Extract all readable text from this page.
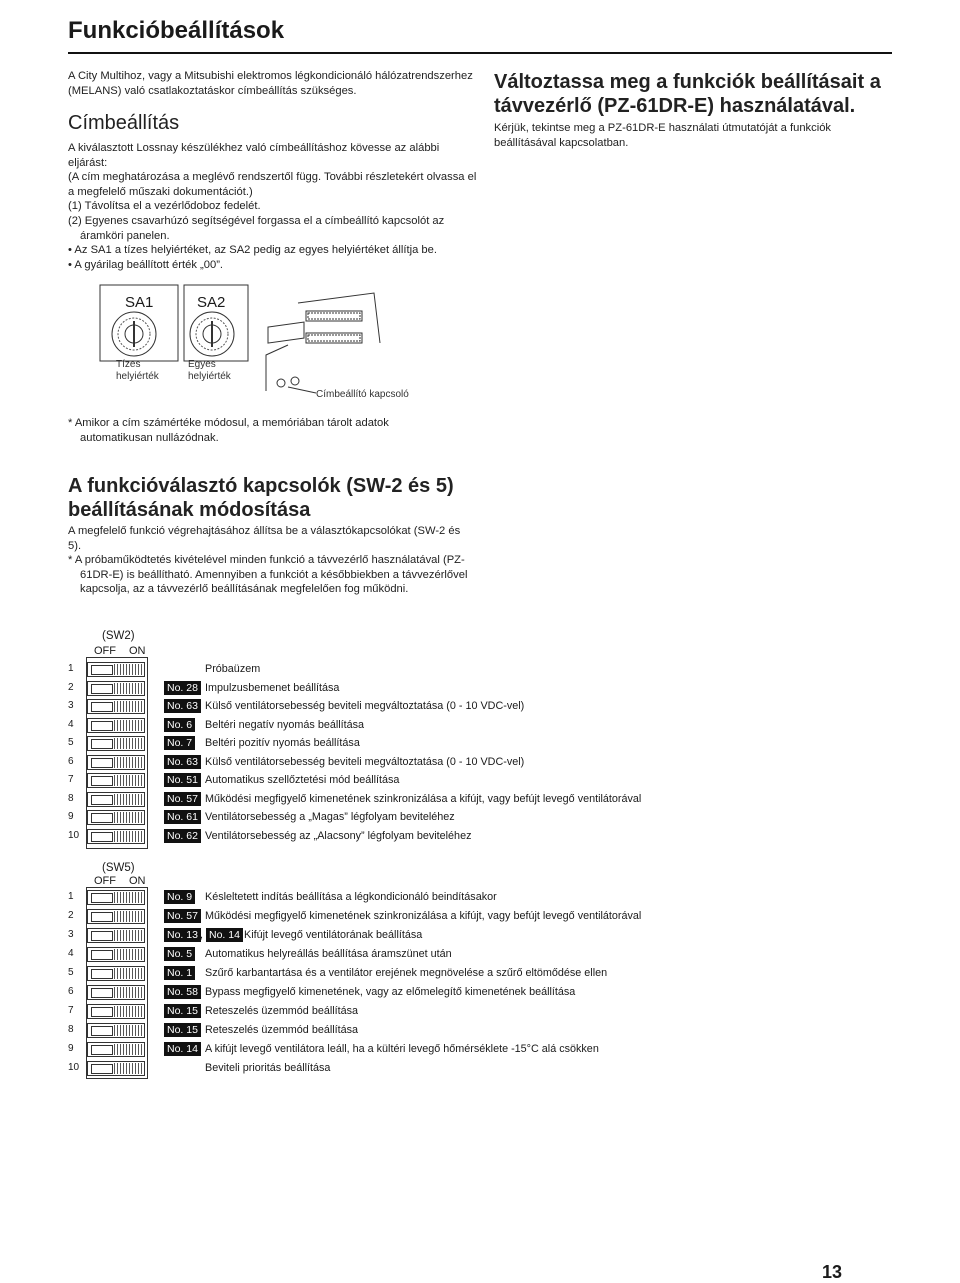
Funkcióbeállítások
A City Multihoz, vagy a Mitsubishi elektromos légkondicionáló hálózatrendszerhez (MELANS) való csatlakoztatáskor címbeállítás szükséges.
Címbeállítás
A kiválasztott Lossnay készülékhez való címbeállításhoz kövesse az alábbi eljárást:
(A cím meghatározása a meglévő rendszertől függ. További részletekért olvassa el a megfelelő műszaki dokumentációt.)
(1) Távolítsa el a vezérlődoboz fedelét.
(2) Egyenes csavarhúzó segítségével forgassa el a címbeállító kapcsolót az áramköri panelen.
• Az SA1 a tízes helyiértéket, az SA2 pedig az egyes helyiértéket állítja be.
• A gyárilag beállított érték „00”.
Változtassa meg a funkciók beállításait a távvezérlő (PZ-61DR-E) használatával.
Kérjük, tekintse meg a PZ-61DR-E használati útmutatóját a funkciók beállításával kapcsolatban.
SA1	SA2
Tízes helyiérték
Egyes helyiérték
Címbeállító kapcsoló
* Amikor a cím számértéke módosul, a memóriában tárolt adatok automatikusan nullázódnak.
A funkcióválasztó kapcsolók (SW-2 és 5) beállításának módosítása
A megfelelő funkció végrehajtásához állítsa be a választókapcsolókat (SW-2 és 5).
* A próbaműködtetés kivételével minden funkció a távvezérlő használatával (PZ-61DR-E) is beállítható. Amennyiben a funkciót a későbbiekben a távvezérlővel kapcsolja, az a távvezérlő beállításának megfelelően fog működni.
(SW2)
OFF ON
1	Próbaüzem
2	No. 28 Impulzusbemenet beállítása
3	No. 63 Külső ventilátorsebesség beviteli megváltoztatása (0 - 10 VDC-vel)
4	No. 6 Beltéri negatív nyomás beállítása
5	No. 7 Beltéri pozitív nyomás beállítása
6	No. 63 Külső ventilátorsebesség beviteli megváltoztatása (0 - 10 VDC-vel)
7	No. 51 Automatikus szellőztetési mód beállítása
8	No. 57 Működési megfigyelő kimenetének szinkronizálása a kifújt, vagy befújt levegő ventilátorával
9	No. 61 Ventilátorsebesség a „Magas” légfolyam beviteléhez
10	No. 62 Ventilátorsebesség az „Alacsony” légfolyam beviteléhez
(SW5)
OFF ON
1	No. 9 Késleltetett indítás beállítása a légkondicionáló beindításakor
2	No. 57 Működési megfigyelő kimenetének szinkronizálása a kifújt, vagy befújt levegő ventilátorával
3	No. 13 , No. 14 Kifújt levegő ventilátorának beállítása
4	No. 5 Automatikus helyreállás beállítása áramszünet után
5	No. 1 Szűrő karbantartása és a ventilátor erejének megnövelése a szűrő eltömődése ellen
6	No. 58 Bypass megfigyelő kimenetének, vagy az előmelegítő kimenetének beállítása
7	No. 15 Reteszelés üzemmód beállítása
8	No. 15 Reteszelés üzemmód beállítása
9	No. 14 A kifújt levegő ventilátora leáll, ha a kültéri levegő hőmérséklete -15°C alá csökken
10	Beviteli prioritás beállítása
13
